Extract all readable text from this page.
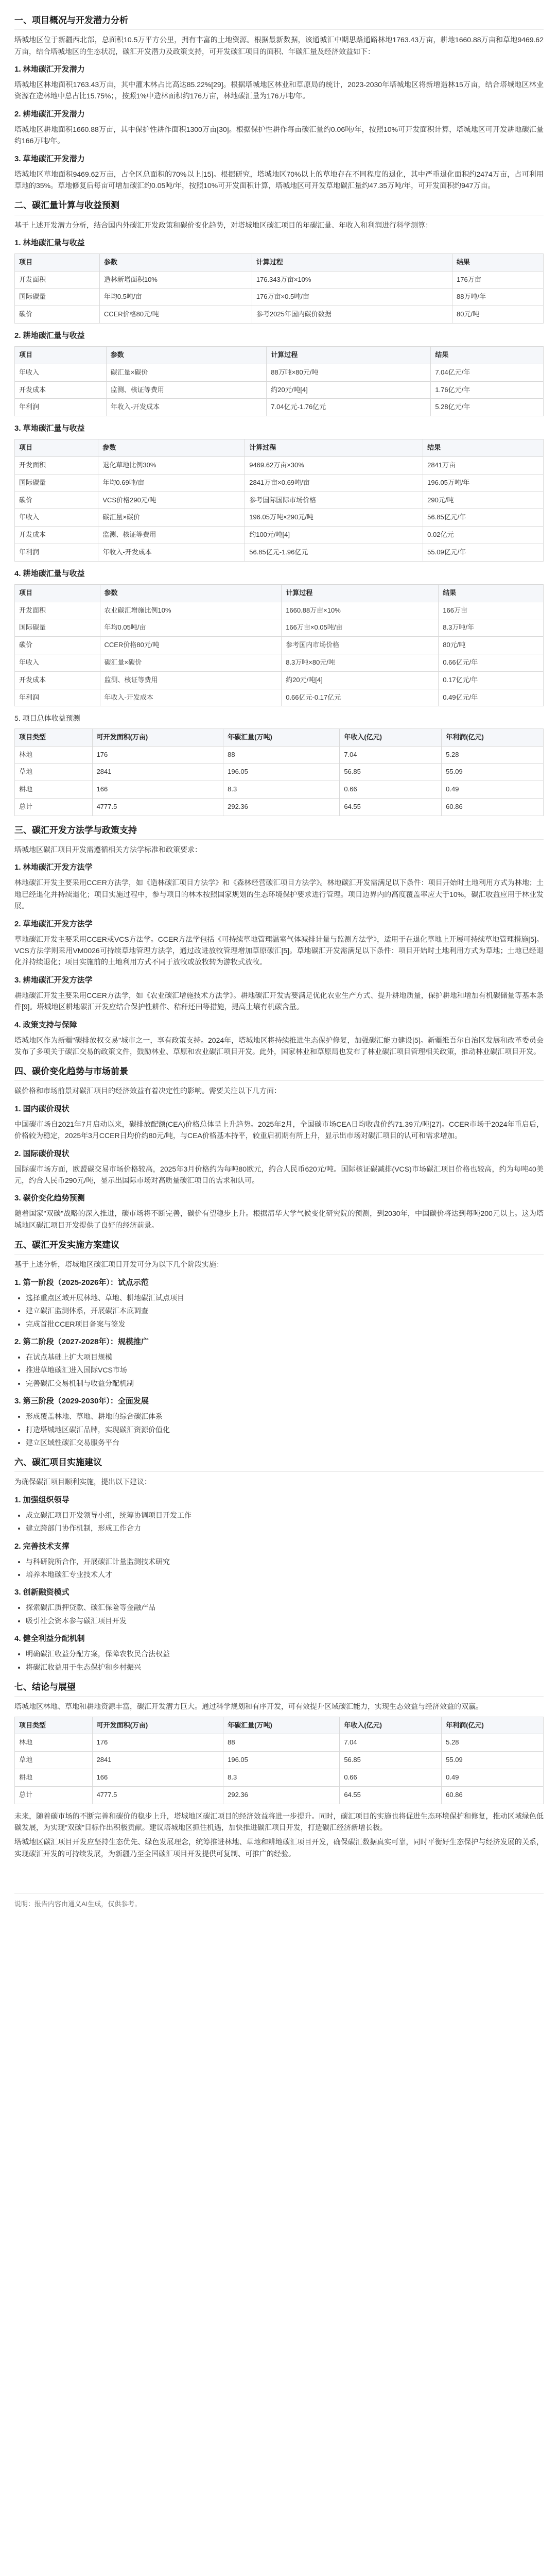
一、项目概况与开发潜力分析

塔城地区位于新疆西北部，总面积10.5万平方公里，拥有丰富的土地资源。根据最新数据，该通城汇中期思路通路林地1763.43万亩，耕地1660.88万亩和草地9469.62万亩，结合塔城地区的生态状况，碳汇开发潜力及政策支持，可开发碳汇项目的面积、年碳汇量及经济效益如下：

1. 林地碳汇开发潜力

塔城地区林地面积1763.43万亩，其中灌木林占比高达85.22%[29]。根据塔城地区林业和草原局的统计，2023-2030年塔城地区将新增造林15万亩，结合塔城地区林业资源在造林地中总占比15.75%；，按照1%中造林面积约176万亩，林地碳汇量为176万吨/年。

2. 耕地碳汇开发潜力

塔城地区耕地面积1660.88万亩，其中保护性耕作面积1300万亩[30]。根据保护性耕作每亩碳汇量约0.06吨/年，按照10%可开发面积计算，塔城地区可开发耕地碳汇量约166万吨/年。

3. 草地碳汇开发潜力

塔城地区草地面积9469.62万亩，占全区总面积的70%以上[15]。根据研究，塔城地区70%以上的草地存在不同程度的退化，其中严重退化面积约2474万亩，占可利用草地的35%。草地修复后每亩可增加碳汇约0.05吨/年，按照10%可开发面积计算，塔城地区可开发草地碳汇量约47.35万吨/年，可开发面积约947万亩。

二、碳汇量计算与收益预测

基于上述开发潜力分析，结合国内外碳汇开发政策和碳价变化趋势，对塔城地区碳汇项目的年碳汇量、年收入和利润进行科学测算：

1. 林地碳汇量与收益
项目	参数	计算过程	结果
开发面积	造林新增面积10%	176.343万亩×10%	176万亩
国际碳量	年均0.5吨/亩	176万亩×0.5吨/亩	88万吨/年
碳价	CCER价格80元/吨	参考2025年国内碳价数据	80元/吨
2. 耕地碳汇量与收益
项目	参数	计算过程	结果
年收入	碳汇量×碳价	88万吨×80元/吨	7.04亿元/年
开发成本	监测、核证等费用	约20元/吨[4]	1.76亿元/年
年利润	年收入-开发成本	7.04亿元-1.76亿元	5.28亿元/年
3. 草地碳汇量与收益
项目	参数	计算过程	结果
开发面积	退化草地比例30%	9469.62万亩×30%	2841万亩
国际碳量	年均0.69吨/亩	2841万亩×0.69吨/亩	196.05万吨/年
碳价	VCS价格290元/吨	参考国际国际市场价格	290元/吨
年收入	碳汇量×碳价	196.05万吨×290元/吨	56.85亿元/年
开发成本	监测、核证等费用	约100元/吨[4]	0.02亿元
年利润	年收入-开发成本	56.85亿元-1.96亿元	55.09亿元/年
4. 耕地碳汇量与收益
项目	参数	计算过程	结果
开发面积	农业碳汇增施比例10%	1660.88万亩×10%	166万亩
国际碳量	年均0.05吨/亩	166万亩×0.05吨/亩	8.3万吨/年
碳价	CCER价格80元/吨	参考国内市场价格	80元/吨
年收入	碳汇量×碳价	8.3万吨×80元/吨	0.66亿元/年
开发成本	监测、核证等费用	约20元/吨[4]	0.17亿元/年
年利润	年收入-开发成本	0.66亿元-0.17亿元	0.49亿元/年

5. 项目总体收益预测

项目类型	可开发面积(万亩)	年碳汇量(万吨)	年收入(亿元)	年利润(亿元)
林地	176	88	7.04	5.28
草地	2841	196.05	56.85	55.09
耕地	166	8.3	0.66	0.49
总计	4777.5	292.36	64.55	60.86
三、碳汇开发方法学与政策支持

塔城地区碳汇项目开发需遵循相关方法学标准和政策要求：

1. 林地碳汇开发方法学

林地碳汇开发主要采用CCER方法学，如《造林碳汇项目方法学》和《森林经营碳汇项目方法学》。林地碳汇开发需满足以下条件：项目开始时土地利用方式为林地；土地已经退化并持续退化；项目实施过程中，参与项目的林木按照国家规划的生态环境保护要求进行管理。项目边界内的高度覆盖率应大于10%，碳汇收益应用于林业发展。

2. 草地碳汇开发方法学

草地碳汇开发主要采用CCER或VCS方法学。CCER方法学包括《可持续草地管理温室气体减排计量与监测方法学》，适用于在退化草地上开展可持续草地管理措施[5]。VCS方法学则采用VM0026可持续草地管理方法学，通过改进放牧管理增加草原碳汇[5]。草地碳汇开发需满足以下条件：项目开始时土地利用方式为草地；土地已经退化并持续退化；项目实施前的土地利用方式不同于放牧或放牧转为游牧式放牧。

3. 耕地碳汇开发方法学

耕地碳汇开发主要采用CCER方法学，如《农业碳汇增施技术方法学》。耕地碳汇开发需要满足优化农业生产方式、提升耕地质量，保护耕地和增加有机碳储量等基本条件[9]。塔城地区耕地碳汇开发应结合保护性耕作、秸秆还田等措施，提高土壤有机碳含量。

4. 政策支持与保障

塔城地区作为新疆"碳排放权交易"城市之一，享有政策支持。2024年，塔城地区将持续推进生态保护修复，加强碳汇能力建设[5]。新疆维吾尔自治区发展和改革委员会发布了多项关于碳汇交易的政策文件，鼓励林业、草原和农业碳汇项目开发。此外，国家林业和草原局也发布了林业碳汇项目管理相关政策，推动林业碳汇项目开发。

四、碳价变化趋势与市场前景

碳价格和市场前景对碳汇项目的经济效益有着决定性的影响。需要关注以下几方面：

1. 国内碳价现状

中国碳市场自2021年7月启动以来，碳排放配额(CEA)价格总体呈上升趋势。2025年2月，全国碳市场CEA日均收盘价约71.39元/吨[27]。CCER市场于2024年重启后，价格较为稳定，2025年3月CCER日均价约80元/吨，与CEA价格基本持平，较重启初期有所上升，显示出市场对碳汇项目的认可和需求增加。

2. 国际碳价现状

国际碳市场方面，欧盟碳交易市场价格较高，2025年3月价格约为每吨80欧元，约合人民币620元/吨。国际核证碳减排(VCS)市场碳汇项目价格也较高，约为每吨40美元，约合人民币290元/吨，显示出国际市场对高质量碳汇项目的需求和认可。

3. 碳价变化趋势预测

随着国家"双碳"战略的深入推进，碳市场将不断完善，碳价有望稳步上升。根据清华大学气候变化研究院的预测，到2030年，中国碳价将达到每吨200元以上。这为塔城地区碳汇项目开发提供了良好的经济前景。

五、碳汇开发实施方案建议

基于上述分析，塔城地区碳汇项目开发可分为以下几个阶段实施：

1. 第一阶段（2025-2026年）：试点示范
• 选择重点区域开展林地、草地、耕地碳汇试点项目
• 建立碳汇监测体系，开展碳汇本底调查
• 完成首批CCER项目备案与签发
2. 第二阶段（2027-2028年）：规模推广
• 在试点基础上扩大项目规模
• 推进草地碳汇进入国际VCS市场
• 完善碳汇交易机制与收益分配机制
3. 第三阶段（2029-2030年）：全面发展
• 形成覆盖林地、草地、耕地的综合碳汇体系
• 打造塔城地区碳汇品牌，实现碳汇资源价值化
• 建立区域性碳汇交易服务平台
六、碳汇项目实施建议

为确保碳汇项目顺利实施，提出以下建议：

1. 加强组织领导
• 成立碳汇项目开发领导小组，统筹协调项目开发工作
• 建立跨部门协作机制，形成工作合力
2. 完善技术支撑
• 与科研院所合作，开展碳汇计量监测技术研究
• 培养本地碳汇专业技术人才
3. 创新融资模式
• 探索碳汇质押贷款、碳汇保险等金融产品
• 吸引社会资本参与碳汇项目开发
4. 健全利益分配机制
• 明确碳汇收益分配方案，保障农牧民合法权益
• 将碳汇收益用于生态保护和乡村振兴
七、结论与展望

塔城地区林地、草地和耕地资源丰富，碳汇开发潜力巨大。通过科学规划和有序开发，可有效提升区域碳汇能力，实现生态效益与经济效益的双赢。

项目类型	可开发面积(万亩)	年碳汇量(万吨)	年收入(亿元)	年利润(亿元)
林地	176	88	7.04	5.28
草地	2841	196.05	56.85	55.09
耕地	166	8.3	0.66	0.49
总计	4777.5	292.36	64.55	60.86

未来，随着碳市场的不断完善和碳价的稳步上升，塔城地区碳汇项目的经济效益将进一步提升。同时，碳汇项目的实施也将促进生态环境保护和修复，推动区域绿色低碳发展，为实现"双碳"目标作出积极贡献。建议塔城地区抓住机遇，加快推进碳汇项目开发，打造碳汇经济新增长极。

塔城地区碳汇项目开发应坚持生态优先、绿色发展理念，统筹推进林地、草地和耕地碳汇项目开发，确保碳汇数据真实可靠，同时平衡好生态保护与经济发展的关系，实现碳汇开发的可持续发展，为新疆乃至全国碳汇项目开发提供可复制、可推广的经验。

说明：报告内容由通义AI生成，仅供参考。
